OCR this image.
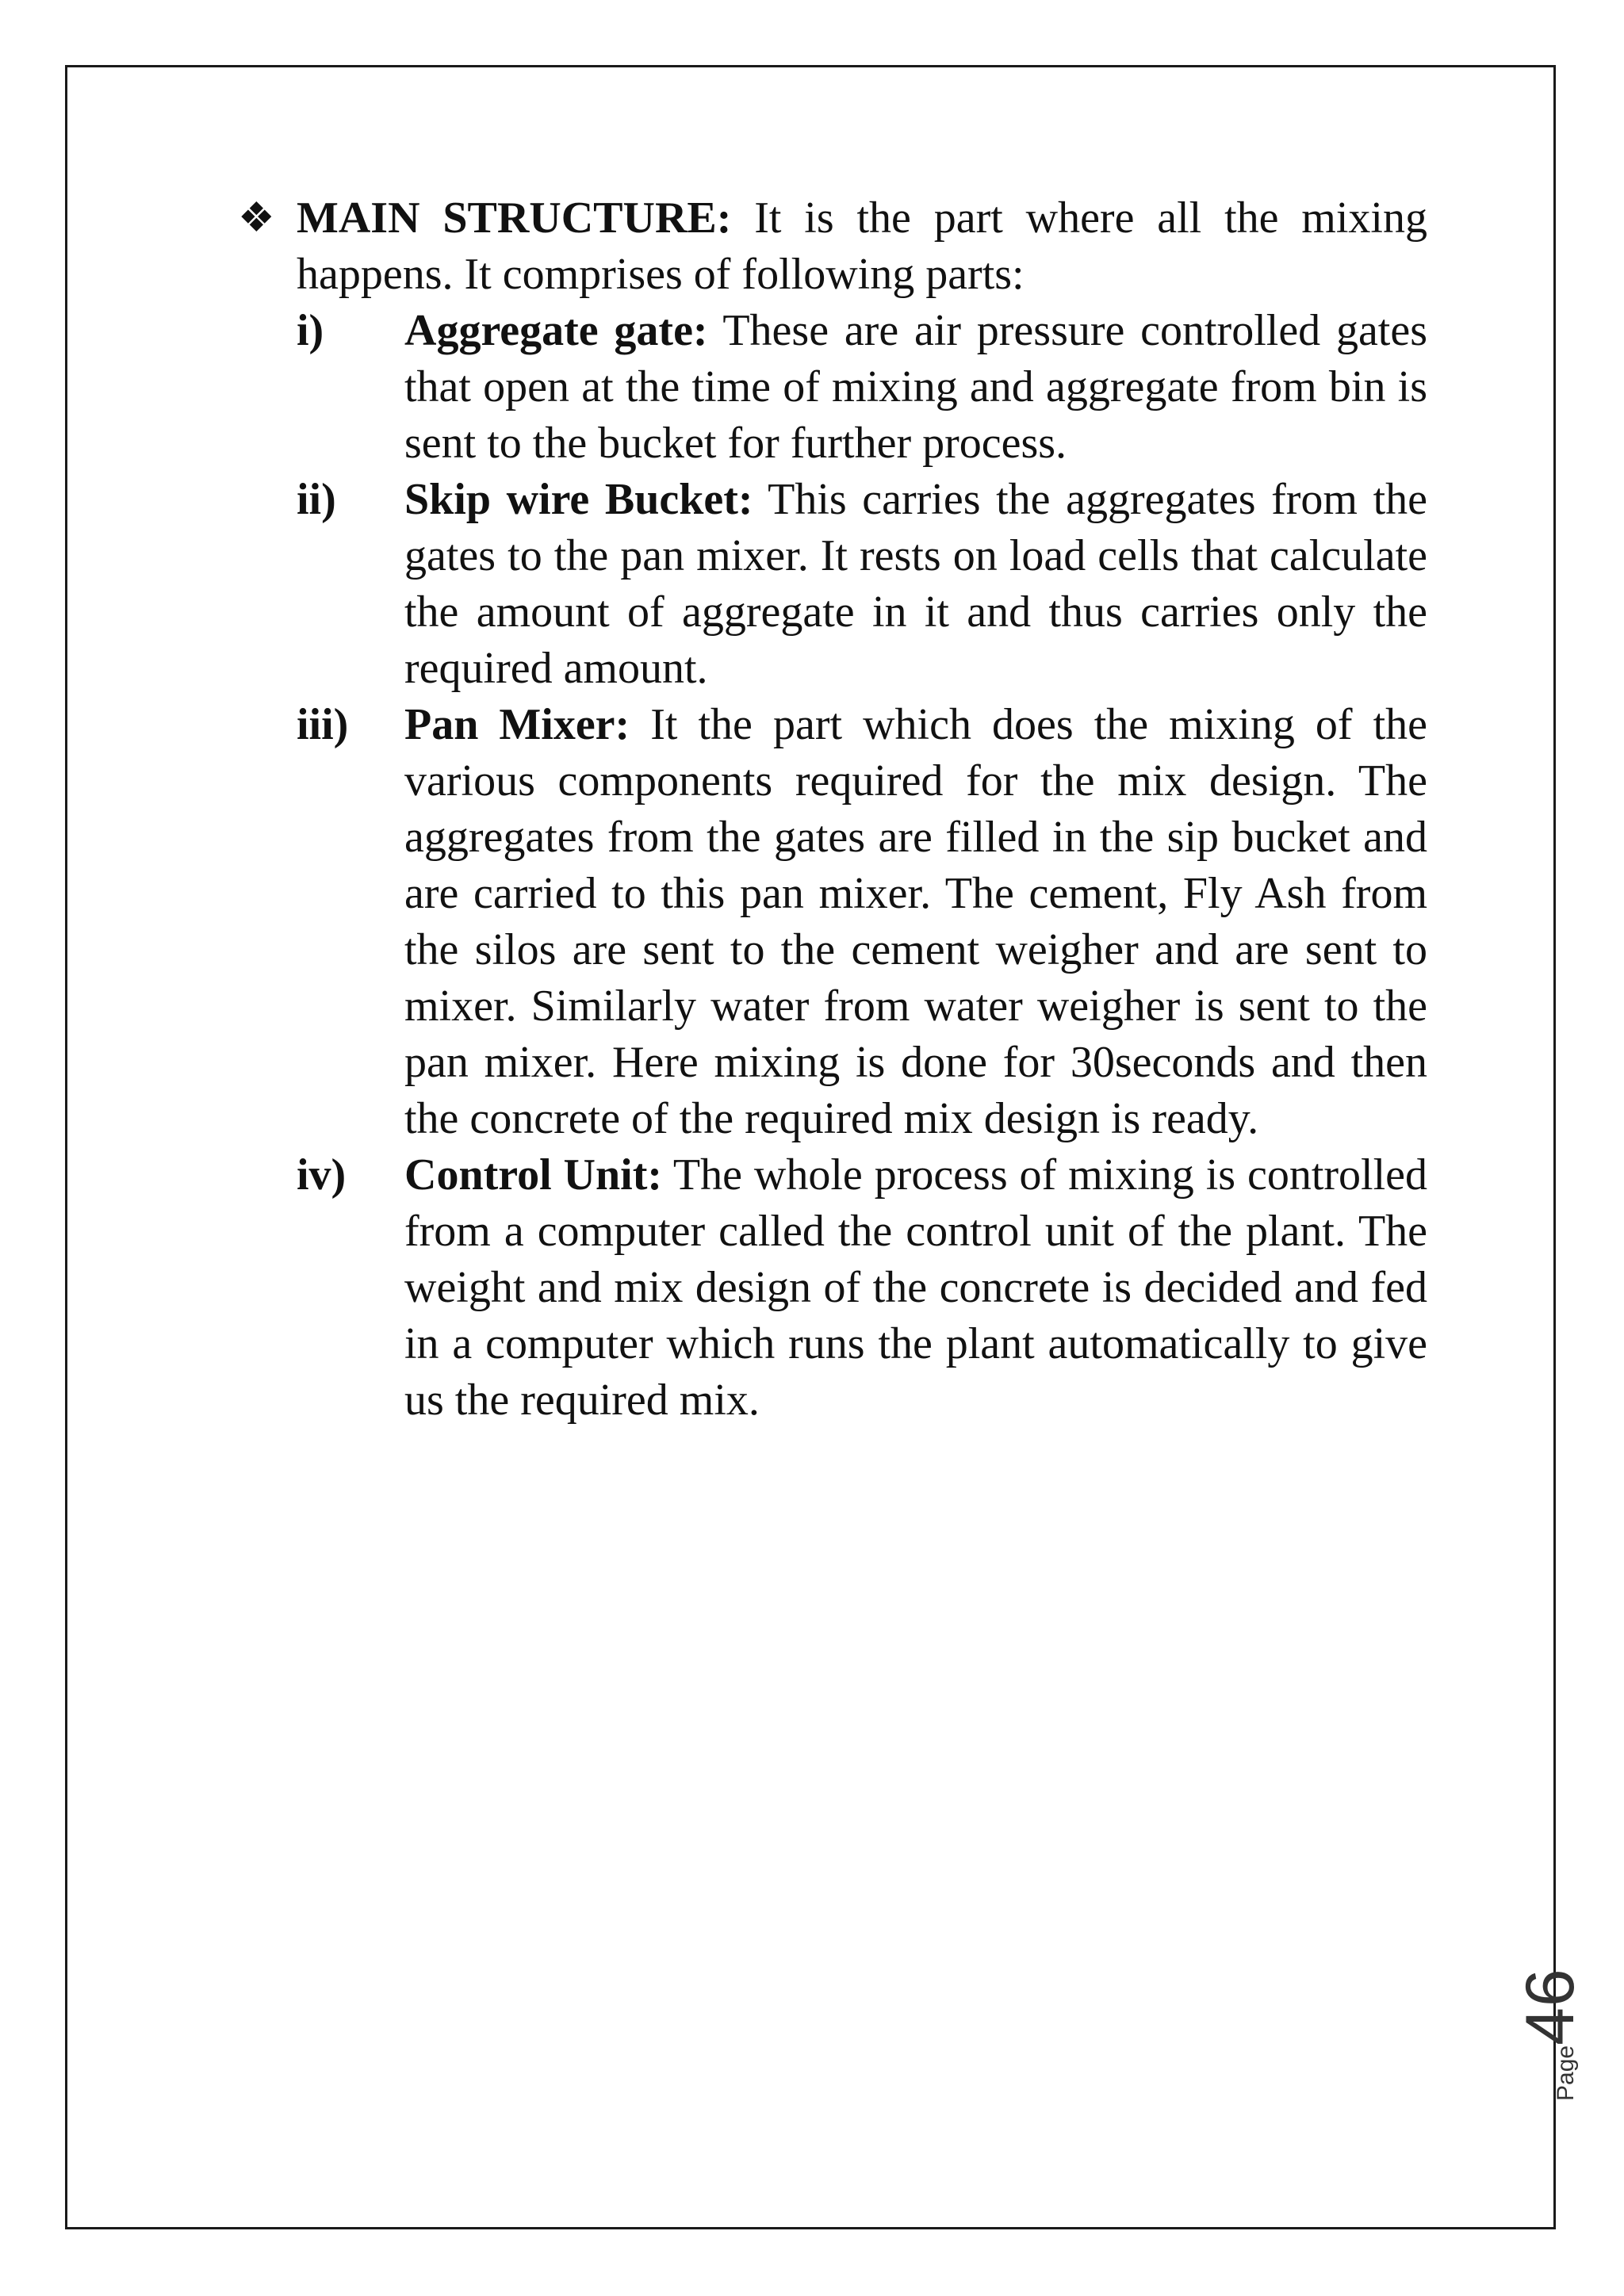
❖ MAIN STRUCTURE: It is the part where all the mixing happens. It comprises of following parts:

i) Aggregate gate: These are air pressure controlled gates that open at the time of mixing and aggregate from bin is sent to the bucket for further process.
ii) Skip wire Bucket: This carries the aggregates from the gates to the pan mixer. It rests on load cells that calculate the amount of aggregate in it and thus carries only the required amount.
iii) Pan Mixer: It the part which does the mixing of the various components required for the mix design. The aggregates from the gates are filled in the sip bucket and are carried to this pan mixer. The cement, Fly Ash from the silos are sent to the cement weigher and are sent to mixer. Similarly water from water weigher is sent to the pan mixer. Here mixing is done for 30seconds and then the concrete of the required mix design is ready.
iv) Control Unit: The whole process of mixing is controlled from a computer called the control unit of the plant. The weight and mix design of the concrete is decided and fed in a computer which runs the plant automatically to give us the required mix.
Page46
